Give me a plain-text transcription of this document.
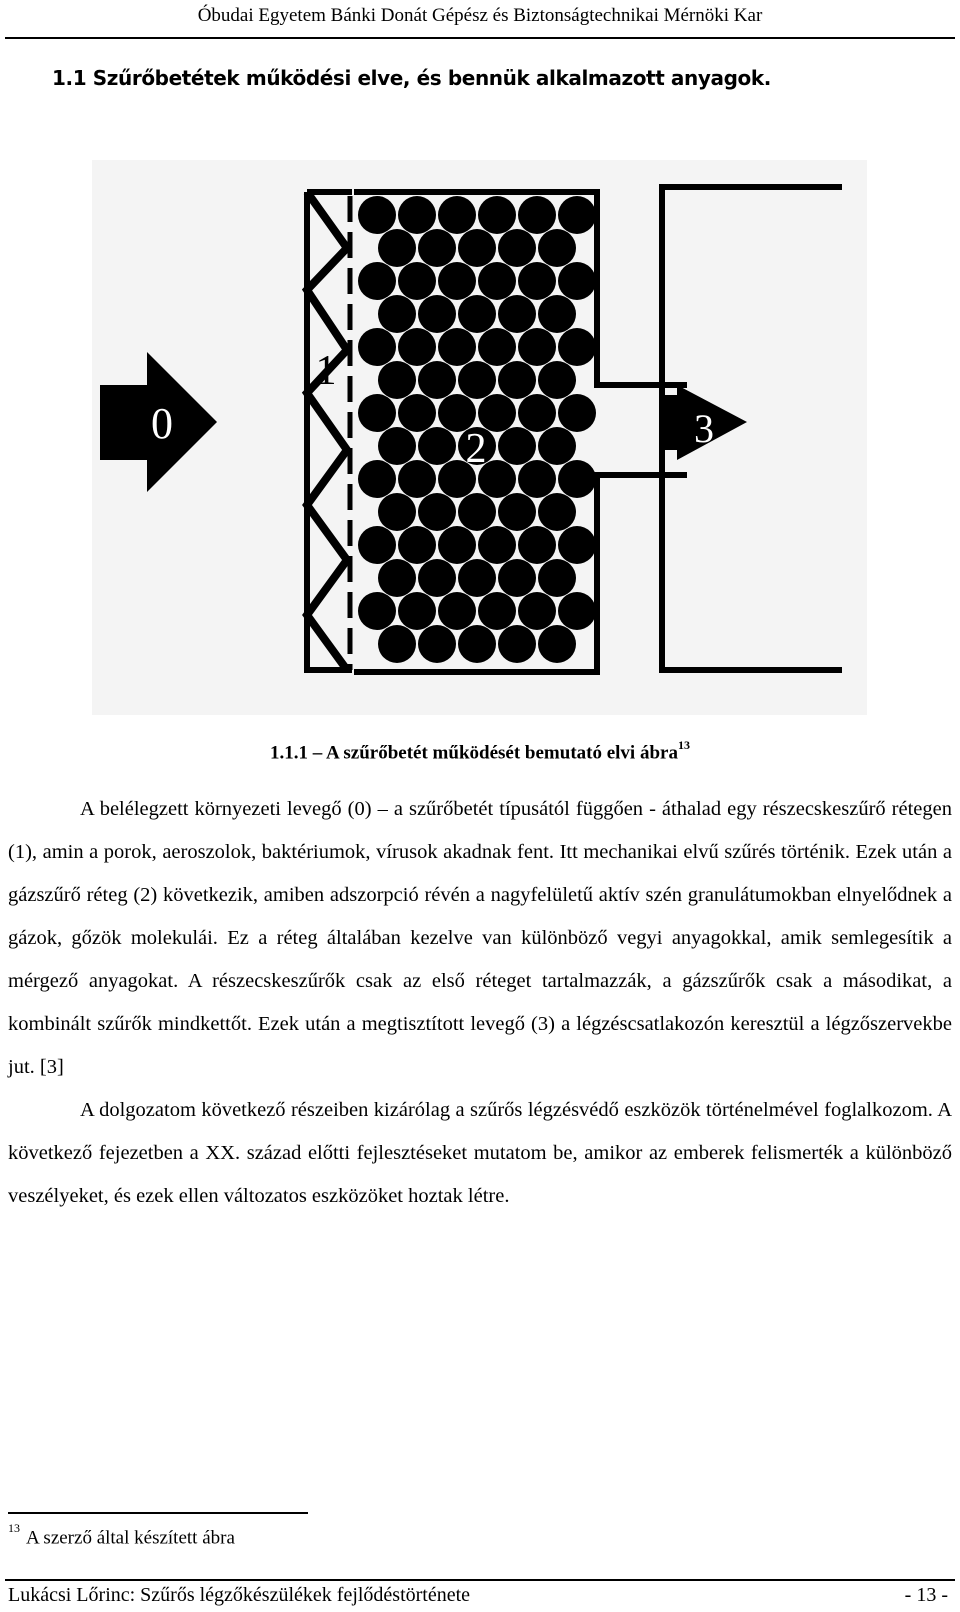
Óbudai Egyetem Bánki Donát Gépész és Biztonságtechnikai Mérnöki Kar
1.1 Szűrőbetétek működési elve, és bennük alkalmazott anyagok.
0	3
1
2
1.1.1 – A szűrőbetét működését bemutató elvi ábra$^{13}$

A belélegzett környezeti levegő (0) – a szűrőbetét típusától függően - áthalad egy részecskeszűrő rétegen (1), amin a porok, aeroszolok, baktériumok, vírusok akadnak fent. Itt mechanikai elvű szűrés történik. Ezek után a gázszűrő réteg (2) következik, amiben adszorpció révén a nagyfelületű aktív szén granulátumokban elnyelődnek a gázok, gőzök molekulái. Ez a réteg általában kezelve van különböző vegyi anyagokkal, amik semlegesítik a mérgező anyagokat. A részecskeszűrők csak az első réteget tartalmazzák, a gázszűrők csak a másodikat, a kombinált szűrők mindkettőt. Ezek után a megtisztított levegő (3) a légzéscsatlakozón keresztül a légzőszervekbe jut. [3]

A dolgozatom következő részeiben kizárólag a szűrős légzésvédő eszközök történelmével foglalkozom. A következő fejezetben a XX. század előtti fejlesztéseket mutatom be, amikor az emberek felismerték a különböző veszélyeket, és ezek ellen változatos eszközöket hoztak létre.

$^{13}$ A szerző által készített ábra
Lukácsi Lőrinc: Szűrős légzőkészülékek fejlődéstörténete	- 13 -
